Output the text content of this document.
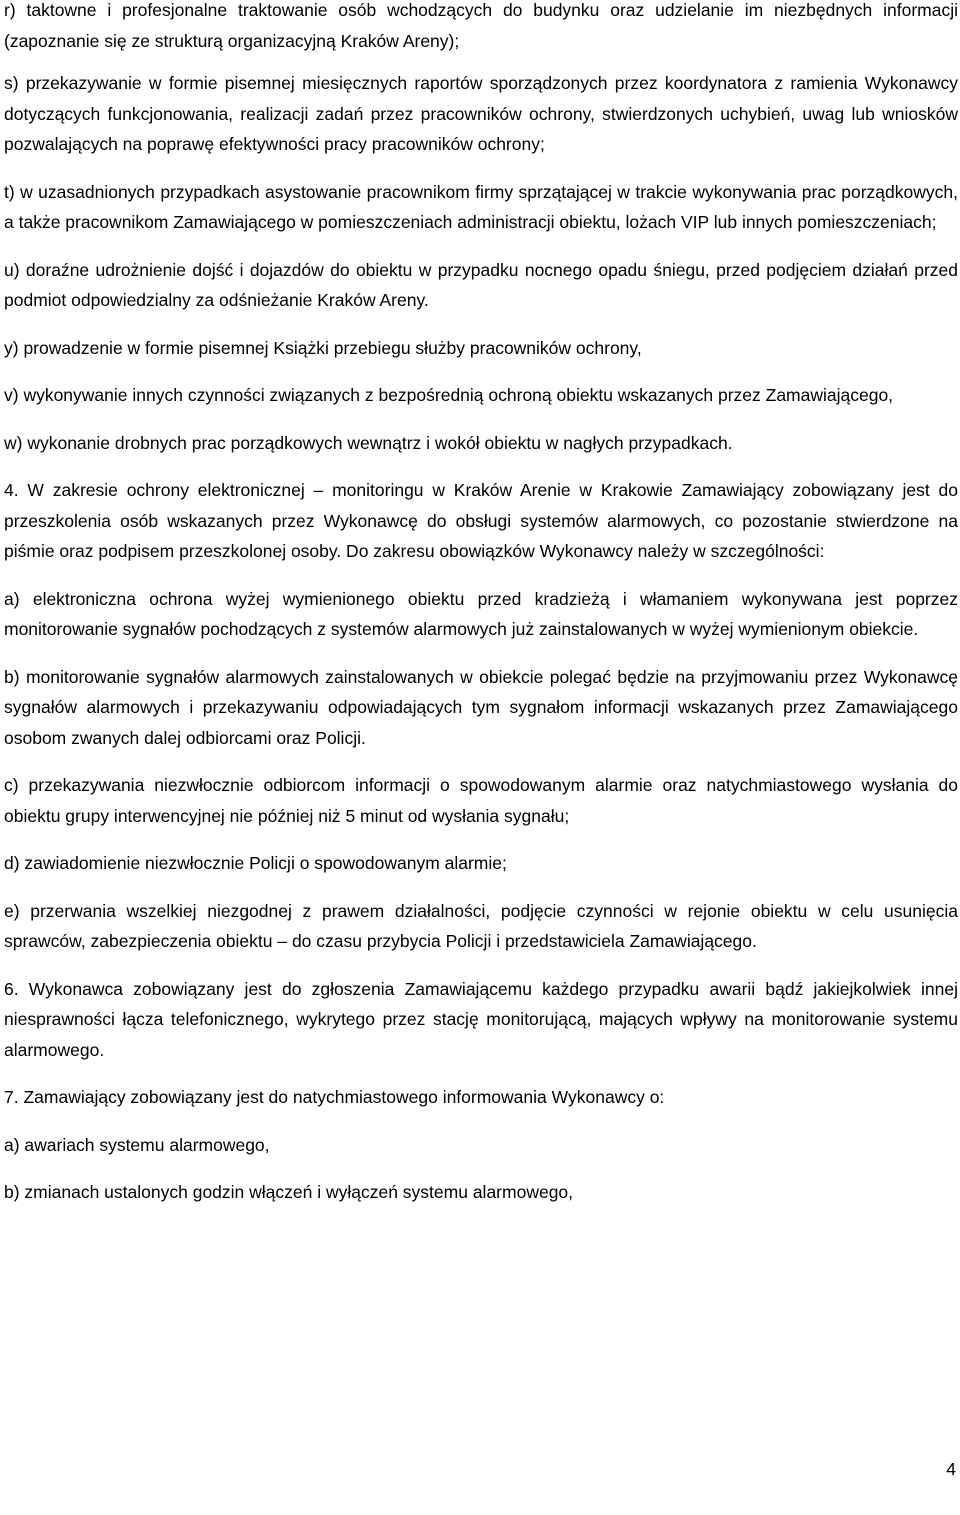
r) taktowne i profesjonalne traktowanie osób wchodzących do budynku oraz udzielanie im niezbędnych informacji (zapoznanie się ze strukturą organizacyjną Kraków Areny);

s) przekazywanie w formie pisemnej miesięcznych raportów sporządzonych przez koordynatora z ramienia Wykonawcy dotyczących funkcjonowania, realizacji zadań przez pracowników ochrony, stwierdzonych uchybień, uwag lub wniosków pozwalających na poprawę efektywności pracy pracowników ochrony;

t) w uzasadnionych przypadkach asystowanie pracownikom firmy sprzątającej w trakcie wykonywania prac porządkowych, a także pracownikom Zamawiającego w pomieszczeniach administracji obiektu, lożach VIP lub innych pomieszczeniach;

u) doraźne udrożnienie dojść i dojazdów do obiektu w przypadku nocnego opadu śniegu, przed podjęciem działań przed podmiot odpowiedzialny za odśnieżanie Kraków Areny.

y) prowadzenie w formie pisemnej Książki przebiegu służby pracowników ochrony,

v) wykonywanie innych czynności związanych z bezpośrednią ochroną obiektu wskazanych przez Zamawiającego,

w) wykonanie drobnych prac porządkowych wewnątrz i wokół obiektu w nagłych przypadkach.

4. W zakresie ochrony elektronicznej – monitoringu w Kraków Arenie w Krakowie Zamawiający zobowiązany jest do przeszkolenia osób wskazanych przez Wykonawcę do obsługi systemów alarmowych, co pozostanie stwierdzone na piśmie oraz podpisem przeszkolonej osoby. Do zakresu obowiązków Wykonawcy należy w szczególności:

a) elektroniczna ochrona wyżej wymienionego obiektu przed kradzieżą i włamaniem wykonywana jest poprzez monitorowanie sygnałów pochodzących z systemów alarmowych już zainstalowanych w wyżej wymienionym obiekcie.

b) monitorowanie sygnałów alarmowych zainstalowanych w obiekcie polegać będzie na przyjmowaniu przez Wykonawcę sygnałów alarmowych i przekazywaniu odpowiadających tym sygnałom informacji wskazanych przez Zamawiającego osobom zwanych dalej odbiorcami oraz Policji.

c) przekazywania niezwłocznie odbiorcom informacji o spowodowanym alarmie oraz natychmiastowego wysłania do obiektu grupy interwencyjnej nie później niż 5 minut od wysłania sygnału;

d) zawiadomienie niezwłocznie Policji o spowodowanym alarmie;

e) przerwania wszelkiej niezgodnej z prawem działalności, podjęcie czynności w rejonie obiektu w celu usunięcia sprawców, zabezpieczenia obiektu – do czasu przybycia Policji i przedstawiciela Zamawiającego.

6. Wykonawca zobowiązany jest do zgłoszenia Zamawiającemu każdego przypadku awarii bądź jakiejkolwiek innej niesprawności łącza telefonicznego, wykrytego przez stację monitorującą, mających wpływy na monitorowanie systemu alarmowego.

7. Zamawiający zobowiązany jest do natychmiastowego informowania Wykonawcy o:

a) awariach systemu alarmowego,

b) zmianach ustalonych godzin włączeń i wyłączeń systemu alarmowego,

4
